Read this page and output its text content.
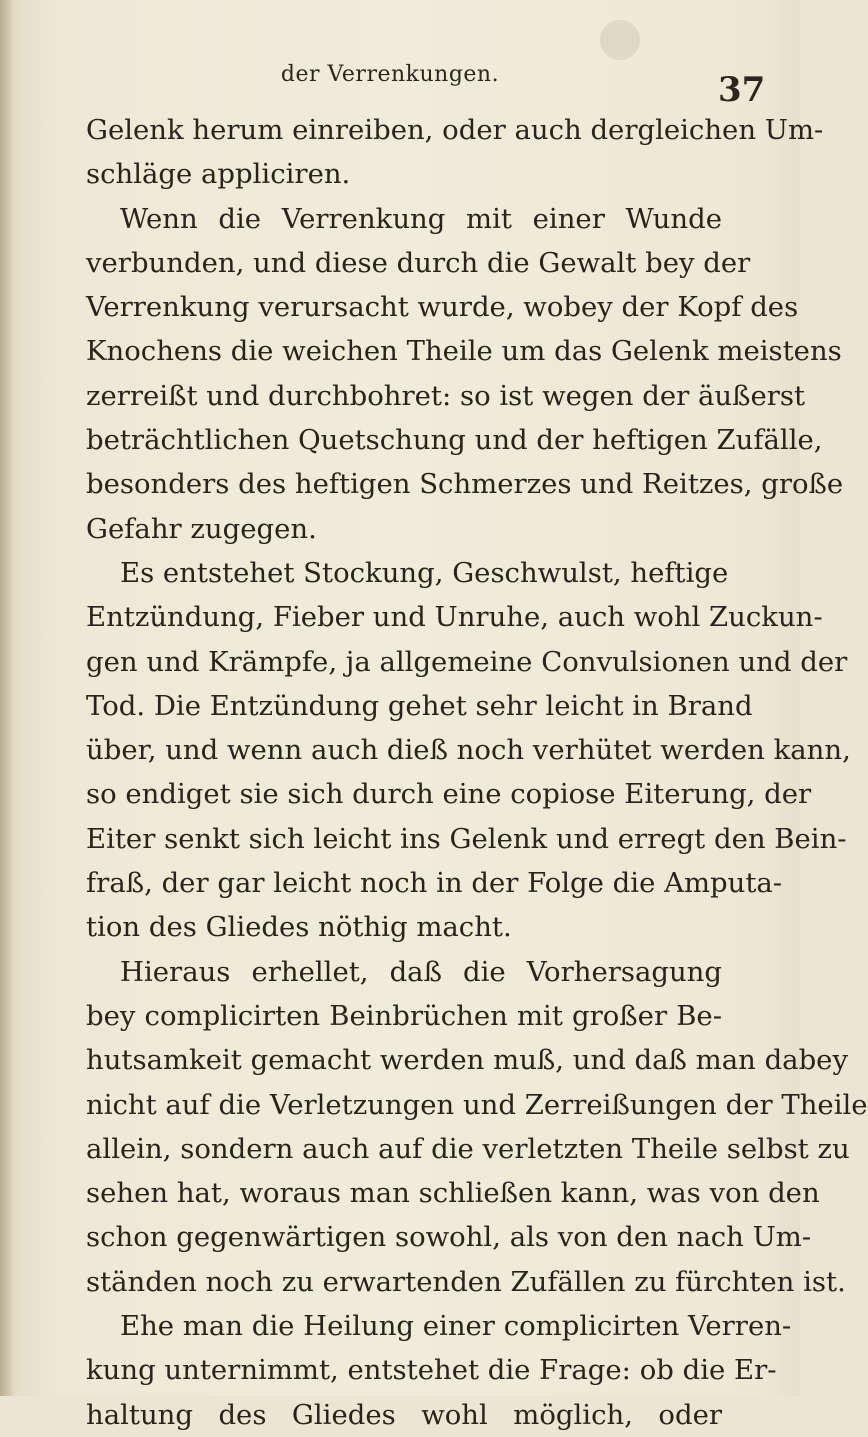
der Verrenkungen.	37
Gelenk herum einreiben, oder auch dergleichen Um-
schläge appliciren.
Wenn die Verrenkung mit einer Wunde
verbunden, und diese durch die Gewalt bey der
Verrenkung verursacht wurde, wobey der Kopf des
Knochens die weichen Theile um das Gelenk meistens
zerreißt und durchbohret: so ist wegen der äußerst
beträchtlichen Quetschung und der heftigen Zufälle,
besonders des heftigen Schmerzes und Reitzes, große
Gefahr zugegen.
Es entstehet Stockung, Geschwulst, heftige
Entzündung, Fieber und Unruhe, auch wohl Zuckun-
gen und Krämpfe, ja allgemeine Convulsionen und der
Tod. Die Entzündung gehet sehr leicht in Brand
über, und wenn auch dieß noch verhütet werden kann,
so endiget sie sich durch eine copiose Eiterung, der
Eiter senkt sich leicht ins Gelenk und erregt den Bein-
fraß, der gar leicht noch in der Folge die Amputa-
tion des Gliedes nöthig macht.
Hieraus erhellet, daß die Vorhersagung
bey complicirten Beinbrüchen mit großer Be-
hutsamkeit gemacht werden muß, und daß man dabey
nicht auf die Verletzungen und Zerreißungen der Theile
allein, sondern auch auf die verletzten Theile selbst zu
sehen hat, woraus man schließen kann, was von den
schon gegenwärtigen sowohl, als von den nach Um-
ständen noch zu erwartenden Zufällen zu fürchten ist.
Ehe man die Heilung einer complicirten Verren-
kung unternimmt, entstehet die Frage: ob die Er-
haltung des Gliedes wohl möglich, oder
